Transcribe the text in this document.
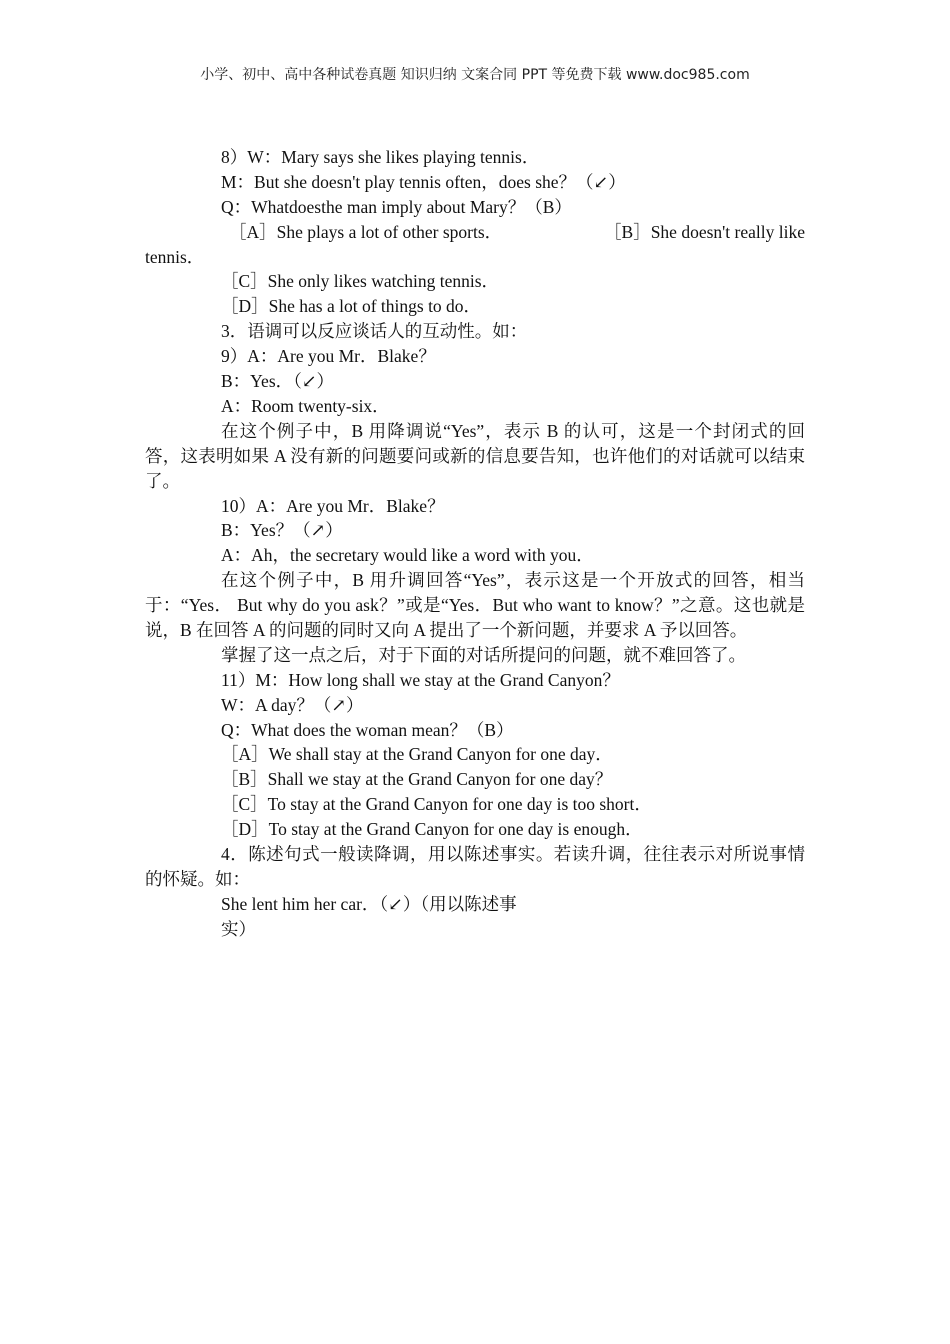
小学、初中、高中各种试卷真题 知识归纳 文案合同 PPT 等免费下载 www.doc985.com
8）W：Mary says she likes playing tennis．
M：But she doesn't play tennis often，does she？（↙）
Q：Whatdoesthe man imply about Mary？（B）
［A］She plays a lot of other sports．	［B］She doesn't really like
tennis．
［C］She only likes watching tennis．
［D］She has a lot of things to do．
3．语调可以反应谈话人的互动性。如：
9）A：Are you Mr．Blake？
B：Yes．（↙）
A：Room twenty-six．
在这个例子中，B 用降调说“Yes”，表示 B 的认可，这是一个封闭式的回答，这表明如果 A 没有新的问题要问或新的信息要告知，也许他们的对话就可以结束了。
10）A：Are you Mr．Blake？
B：Yes？（↗）
A：Ah，the secretary would like a word with you．
在这个例子中，B 用升调回答“Yes”，表示这是一个开放式的回答，相当于：“Yes． But why do you ask？”或是“Yes．But who want to know？”之意。这也就是说，B 在回答 A 的问题的同时又向 A 提出了一个新问题，并要求 A 予以回答。
掌握了这一点之后，对于下面的对话所提问的问题，就不难回答了。
11）M：How long shall we stay at the Grand Canyon？
W：A day？（↗）
Q：What does the woman mean？（B）
［A］We shall stay at the Grand Canyon for one day．
［B］Shall we stay at the Grand Canyon for one day？
［C］To stay at the Grand Canyon for one day is too short．
［D］To stay at the Grand Canyon for one day is enough．
4．陈述句式一般读降调，用以陈述事实。若读升调，往往表示对所说事情的怀疑。如：
She lent him her car．（↙）（用以陈述事
实）
